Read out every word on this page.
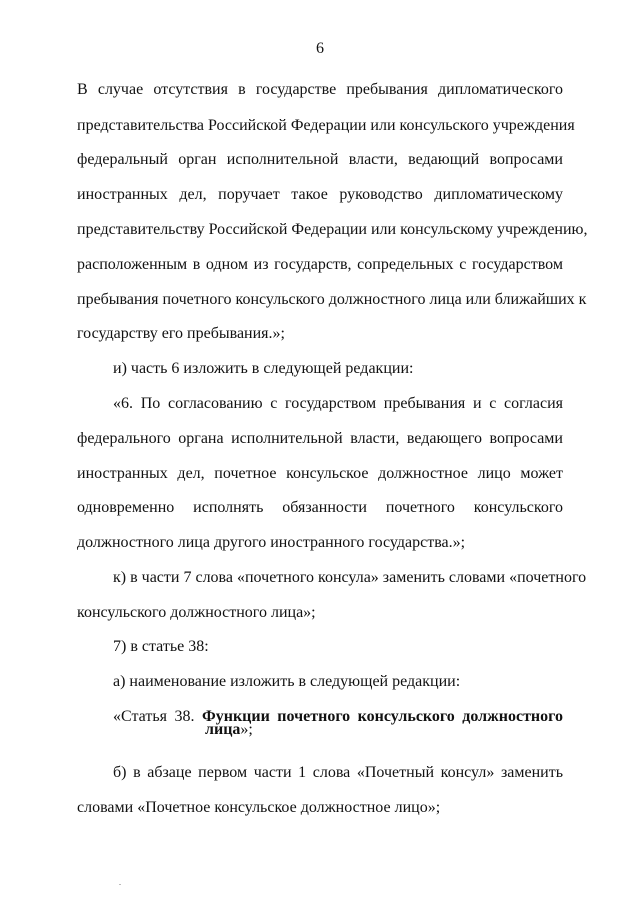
6
В случае отсутствия в государстве пребывания дипломатического
представительства Российской Федерации или консульского учреждения
федеральный орган исполнительной власти, ведающий вопросами
иностранных дел, поручает такое руководство дипломатическому
представительству Российской Федерации или консульскому учреждению,
расположенным в одном из государств, сопредельных с государством
пребывания почетного консульского должностного лица или ближайших к
государству его пребывания.»;
и) часть 6 изложить в следующей редакции:
«6. По согласованию с государством пребывания и с согласия
федерального органа исполнительной власти, ведающего вопросами
иностранных дел, почетное консульское должностное лицо может
одновременно исполнять обязанности почетного консульского
должностного лица другого иностранного государства.»;
к) в части 7 слова «почетного консула» заменить словами «почетного
консульского должностного лица»;
7) в статье 38:
а) наименование изложить в следующей редакции:
«Статья 38. Функции почетного консульского должностного
лица»;
б) в абзаце первом части 1 слова «Почетный консул» заменить
словами «Почетное консульское должностное лицо»;
